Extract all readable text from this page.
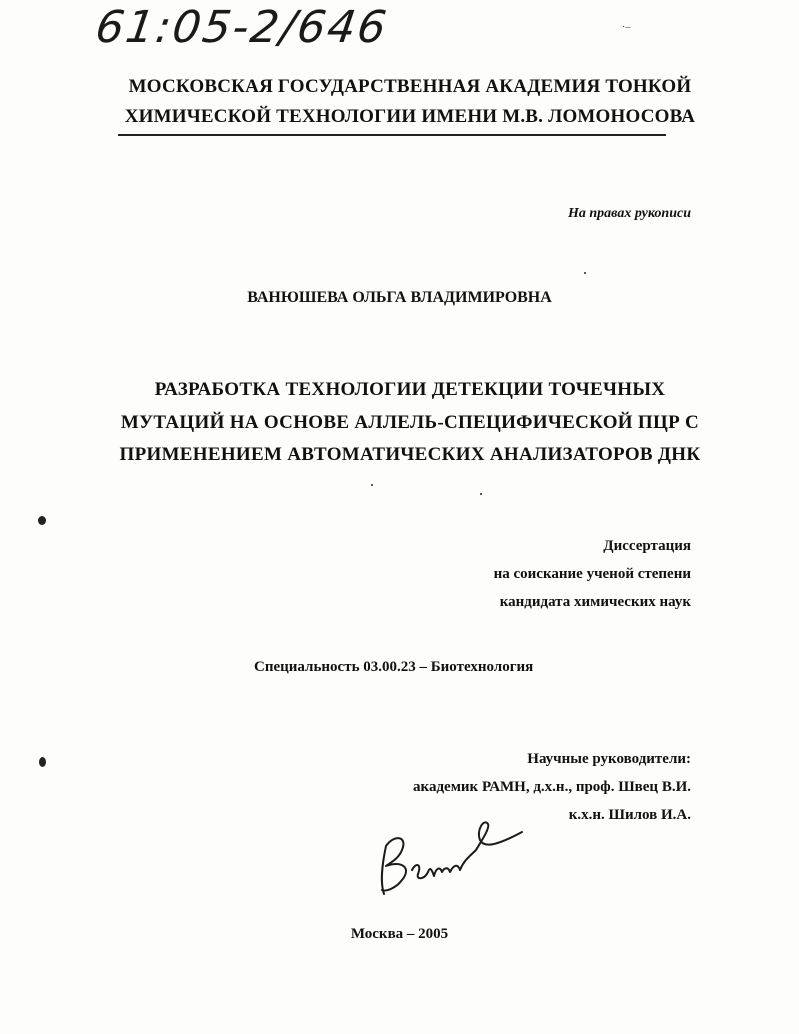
61:05-2/646	·–
МОСКОВСКАЯ ГОСУДАРСТВЕННАЯ АКАДЕМИЯ ТОНКОЙ
ХИМИЧЕСКОЙ ТЕХНОЛОГИИ ИМЕНИ М.В. ЛОМОНОСОВА
На правах рукописи
ВАНЮШЕВА ОЛЬГА ВЛАДИМИРОВНА
РАЗРАБОТКА ТЕХНОЛОГИИ ДЕТЕКЦИИ ТОЧЕЧНЫХ
МУТАЦИЙ НА ОСНОВЕ АЛЛЕЛЬ-СПЕЦИФИЧЕСКОЙ ПЦР С
ПРИМЕНЕНИЕМ АВТОМАТИЧЕСКИХ АНАЛИЗАТОРОВ ДНК
Диссертация
на соискание ученой степени
кандидата химических наук
Специальность 03.00.23 – Биотехнология
Научные руководители:
академик РАМН, д.х.н., проф. Швец В.И.
к.х.н. Шилов И.А.
Москва – 2005
